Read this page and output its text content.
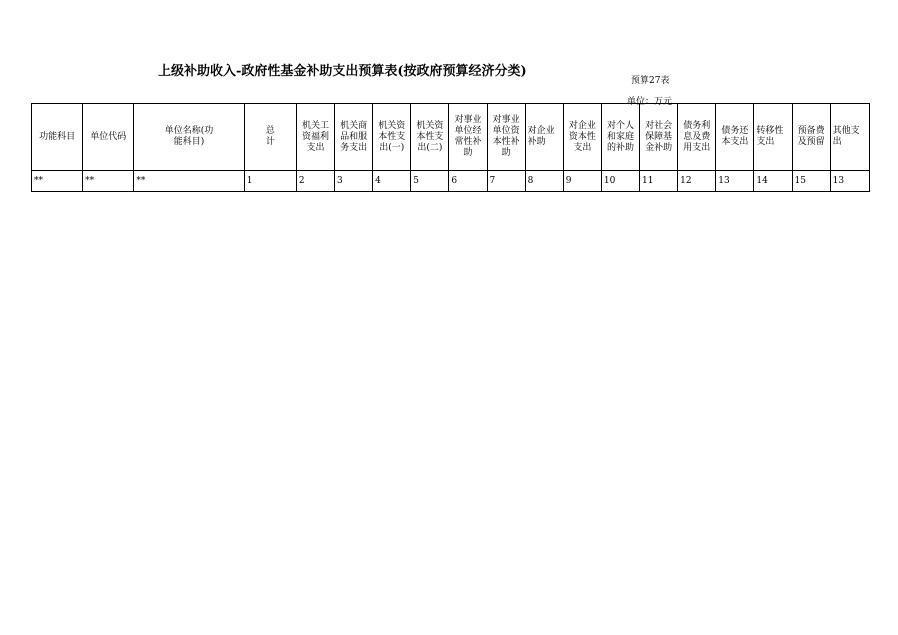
上级补助收入-政府性基金补助支出预算表(按政府预算经济分类)
预算27表
单位：万元
功能科目	单位代码	单位名称(功能科目)	总计	机关工资福利支出	机关商品和服务支出	机关资本性支出(一)	机关资本性支出(二)	对事业单位经常性补助	对事业单位资本性补助	对企业补助	对企业资本性支出	对个人和家庭的补助	对社会保障基金补助	债务利息及费用支出	债务还本支出	转移性支出	预备费及预留	其他支出
**	**	**	1	2	3	4	5	6	7	8	9	10	11	12	13	14	15	13
